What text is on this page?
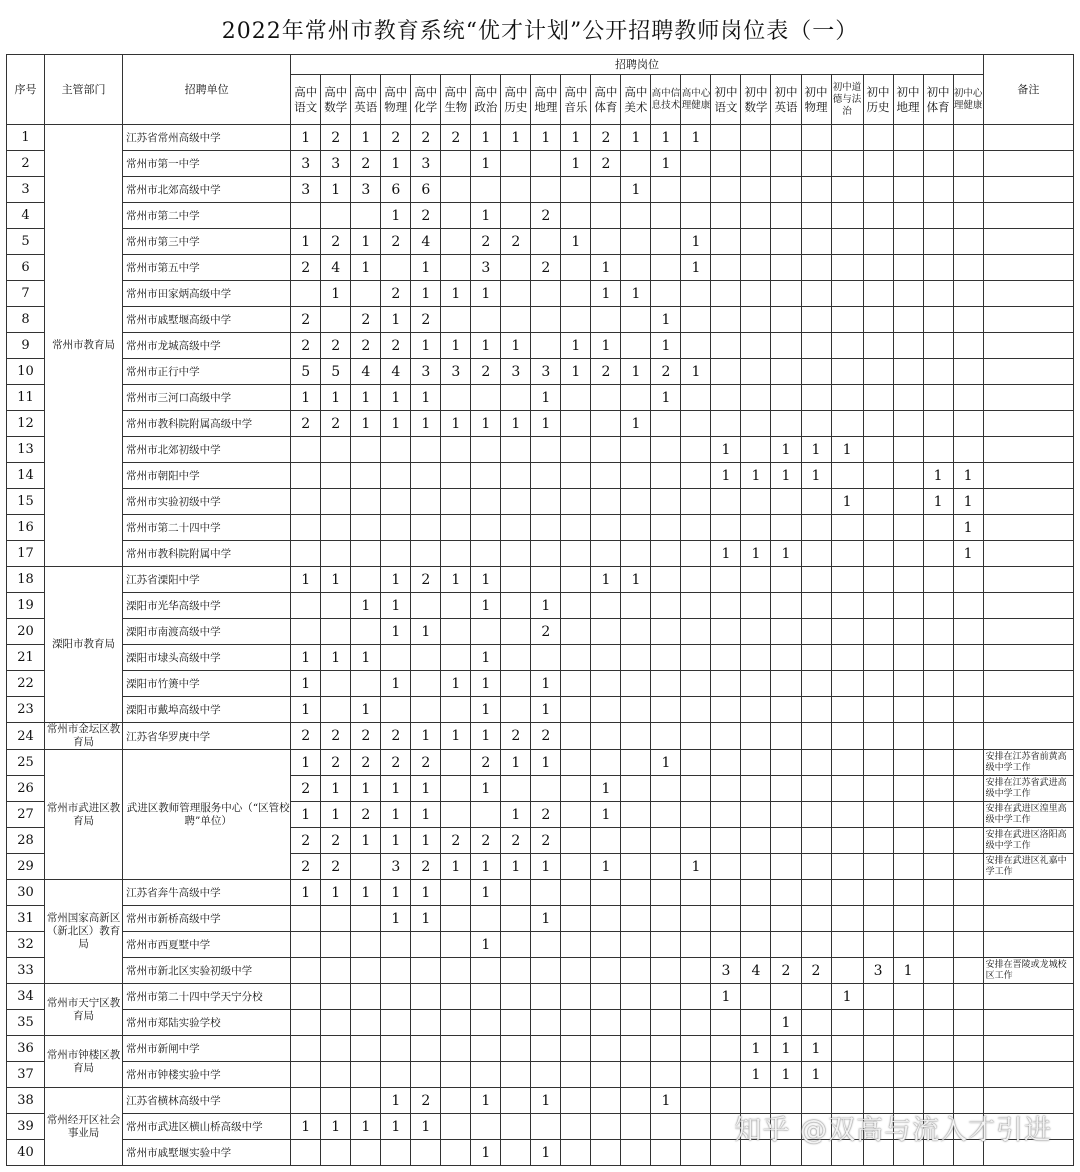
2022年常州市教育系统“优才计划”公开招聘教师岗位表（一）
序号	主管部门	招聘单位	招聘岗位																							备注
			高中语文	高中数学	高中英语	高中物理	高中化学	高中生物	高中政治	高中历史	高中地理	高中音乐	高中体育	高中美术	高中信息技术	高中心理健康	初中语文	初中数学	初中英语	初中物理	初中道德与法治	初中历史	初中地理	初中体育	初中心理健康	
1	常州市教育局	江苏省常州高级中学	1	2	1	2	2	2	1	1	1	1	2	1	1	1										
2		常州市第一中学	3	3	2	1	3		1			1	2		1											
3		常州市北郊高级中学	3	1	3	6	6							1												
4		常州市第二中学				1	2		1		2															
5		常州市第三中学	1	2	1	2	4		2	2		1				1										
6		常州市第五中学	2	4	1		1		3		2		1			1										
7		常州市田家炳高级中学		1		2	1	1	1				1	1												
8		常州市戚墅堰高级中学	2		2	1	2								1											
9		常州市龙城高级中学	2	2	2	2	1	1	1	1		1	1		1											
10		常州市正行中学	5	5	4	4	3	3	2	3	3	1	2	1	2	1										
11		常州市三河口高级中学	1	1	1	1	1				1				1											
12		常州市教科院附属高级中学	2	2	1	1	1	1	1	1	1			1												
13		常州市北郊初级中学															1		1	1	1					
14		常州市朝阳中学															1	1	1	1				1	1	
15		常州市实验初级中学																			1			1	1	
16		常州市第二十四中学																							1	
17		常州市教科院附属中学															1	1	1						1	
18	溧阳市教育局	江苏省溧阳中学	1	1		1	2	1	1				1	1												
19		溧阳市光华高级中学			1	1			1		1															
20		溧阳市南渡高级中学				1	1				2															
21		溧阳市埭头高级中学	1	1	1				1																	
22		溧阳市竹箦中学	1			1		1	1		1															
23		溧阳市戴埠高级中学	1		1				1		1															
24	常州市金坛区教育局	江苏省华罗庚中学	2	2	2	2	1	1	1	2	2															
25	常州市武进区教育局	武进区教师管理服务中心（“区管校聘”单位）	1	2	2	2	2		2	1	1				1											安排在江苏省前黄高级中学工作
26			2	1	1	1	1		1				1													安排在江苏省武进高级中学工作
27			1	1	2	1	1			1	2		1													安排在武进区湟里高级中学工作
28			2	2	1	1	1	2	2	2	2															安排在武进区洛阳高级中学工作
29			2	2		3	2	1	1	1	1		1			1										安排在武进区礼嘉中学工作
30	常州国家高新区（新北区）教育局	江苏省奔牛高级中学	1	1	1	1	1		1																	
31		常州市新桥高级中学				1	1				1															
32		常州市西夏墅中学							1																	
33		常州市新北区实验初级中学															3	4	2	2		3	1			安排在晋陵或龙城校区工作
34	常州市天宁区教育局	常州市第二十四中学天宁分校															1				1					
35		常州市郑陆实验学校																	1							
36	常州市钟楼区教育局	常州市新闸中学																1	1	1						
37		常州市钟楼实验中学																1	1	1						
38	常州经开区社会事业局	江苏省横林高级中学				1	2		1		1				1											
39		常州市武进区横山桥高级中学	1	1	1	1	1																			
40		常州市戚墅堰实验中学							1		1															
知乎 @双高与流入才引进
